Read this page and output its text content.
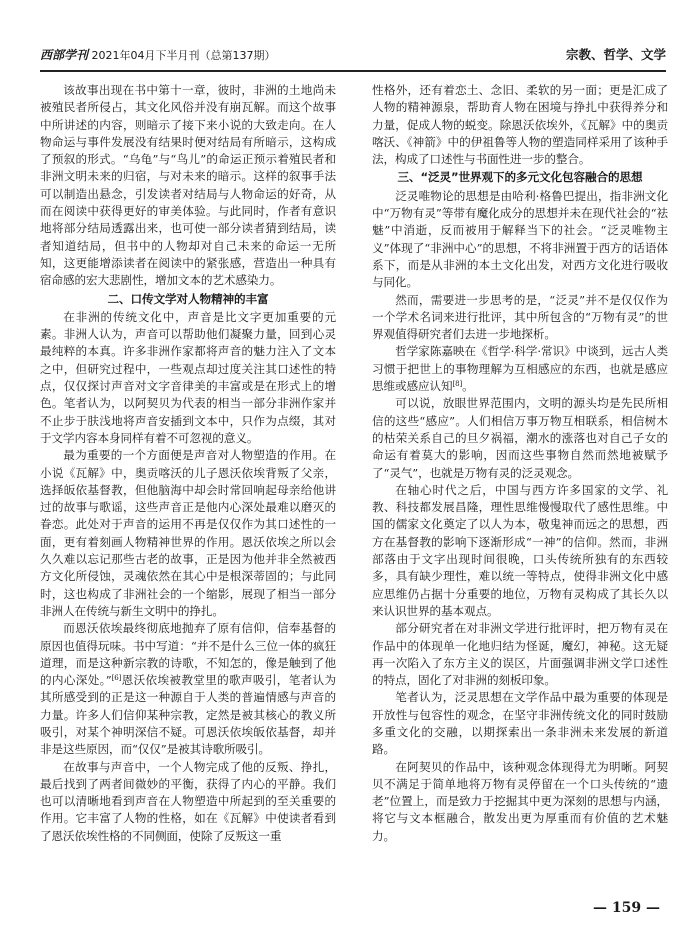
西部学刊 2021年04月下半月刊（总第137期）	宗教、哲学、文学

该故事出现在书中第十一章，彼时，非洲的土地尚未被殖民者所侵占，其文化风俗并没有崩瓦解。而这个故事中所讲述的内容，则暗示了接下来小说的大致走向。在人物命运与事件发展没有结果时便对结局有所暗示，这构成了预叙的形式。“乌龟”与“鸟儿”的命运正预示着殖民者和非洲文明未来的归宿，与对未来的暗示。这样的叙事手法可以制造出悬念，引发读者对结局与人物命运的好奇，从而在阅读中获得更好的审美体验。与此同时，作者有意识地将部分结局透露出来，也可使一部分读者猜到结局，读者知道结局，但书中的人物却对自己未来的命运一无所知，这更能增添读者在阅读中的紧张感，营造出一种具有宿命感的宏大悲剧性，增加文本的艺术感染力。

二、口传文学对人物精神的丰富

在非洲的传统文化中，声音是比文字更加重要的元素。非洲人认为，声音可以帮助他们凝聚力量，回到心灵最纯粹的本真。许多非洲作家都将声音的魅力注入了文本之中，但研究过程中，一些观点却过度关注其口述性的特点，仅仅探讨声音对文字音律美的丰富或是在形式上的增色。笔者认为，以阿契贝为代表的相当一部分非洲作家并不止步于肤浅地将声音安插到文本中，只作为点缀，其对于文学内容本身同样有着不可忽视的意义。

最为重要的一个方面便是声音对人物塑造的作用。在小说《瓦解》中，奥贡喀沃的儿子恩沃依埃背叛了父亲，选择皈依基督教，但他脑海中却会时常回响起母亲给他讲过的故事与歌谣，这些声音正是他内心深处最难以磨灭的眷恋。此处对于声音的运用不再是仅仅作为其口述性的一面，更有着刻画人物精神世界的作用。恩沃依埃之所以会久久难以忘记那些古老的故事，正是因为他并非全然被西方文化所侵蚀，灵魂依然在其心中是根深蒂固的；与此同时，这也构成了非洲社会的一个缩影，展现了相当一部分非洲人在传统与新生文明中的挣扎。

而恩沃依埃最终彻底地抛弃了原有信仰，信奉基督的原因也值得玩味。书中写道：“并不是什么三位一体的疯狂道理，而是这种新宗教的诗歌，不知怎的，像是触到了他的内心深处。”[6]恩沃依埃被教堂里的歌声吸引，笔者认为其所感受到的正是这一种源自于人类的普遍情感与声音的力量。许多人们信仰某种宗教，定然是被其核心的教义所吸引，对某个神明深信不疑。可恩沃依埃皈依基督，却并非是这些原因，而“仅仅”是被其诗歌所吸引。

在故事与声音中，一个人物完成了他的反叛、挣扎，最后找到了两者间微妙的平衡，获得了内心的平静。我们也可以清晰地看到声音在人物塑造中所起到的至关重要的作用。它丰富了人物的性格，如在《瓦解》中使读者看到了恩沃依埃性格的不同侧面，使除了反叛这一重

性格外，还有着恋土、念旧、柔软的另一面；更是汇成了人物的精神源泉，帮助育人物在困境与挣扎中获得养分和力量，促成人物的蜕变。除恩沃依埃外，《瓦解》中的奥贡喀沃、《神箭》中的伊祖鲁等人物的塑造同样采用了该种手法，构成了口述性与书面性进一步的整合。

三、“泛灵”世界观下的多元文化包容融合的思想

泛灵唯物论的思想是由哈利·格鲁巴提出，指非洲文化中“万物有灵”等带有魔化成分的思想并未在现代社会的“祛魅”中消逝，反而被用于解释当下的社会。“泛灵唯物主义”体现了“非洲中心”的思想，不将非洲置于西方的话语体系下，而是从非洲的本土文化出发，对西方文化进行吸收与同化。

然而，需要进一步思考的是，“泛灵”并不是仅仅作为一个学术名词来进行批评，其中所包含的“万物有灵”的世界观值得研究者们去进一步地探析。

哲学家陈嘉映在《哲学·科学·常识》中谈到，远古人类习惯于把世上的事物理解为互相感应的东西，也就是感应思维或感应认知[8]。

可以说，放眼世界范围内，文明的源头均是先民所相信的这些“感应”。人们相信万事万物互相联系，相信树木的枯荣关系自己的旦夕祸福，潮水的涨落也对自己子女的命运有着莫大的影响，因而这些事物自然而然地被赋予了“灵气”，也就是万物有灵的泛灵观念。

在轴心时代之后，中国与西方许多国家的文学、礼教、科技都发展昌隆，理性思维慢慢取代了感性思维。中国的儒家文化奠定了以人为本，敬鬼神而远之的思想，西方在基督教的影响下逐渐形成“一神”的信仰。然而，非洲部落由于文字出现时间很晚，口头传统所独有的东西较多，具有缺少理性，难以统一等特点，使得非洲文化中感应思维仍占据十分重要的地位，万物有灵构成了其长久以来认识世界的基本观点。

部分研究者在对非洲文学进行批评时，把万物有灵在作品中的体现单一化地归结为怪诞，魔幻，神秘。这无疑再一次陷入了东方主义的误区，片面强调非洲文学口述性的特点，固化了对非洲的刻板印象。

笔者认为，泛灵思想在文学作品中最为重要的体现是开放性与包容性的观念，在坚守非洲传统文化的同时鼓励多重文化的交融，以期探索出一条非洲未来发展的新道路。

在阿契贝的作品中，该种观念体现得尤为明晰。阿契贝不满足于简单地将万物有灵停留在一个口头传统的“遗老”位置上，而是致力于挖掘其中更为深刻的思想与内涵，将它与文本框融合，散发出更为厚重而有价值的艺术魅力。

— 159 —
